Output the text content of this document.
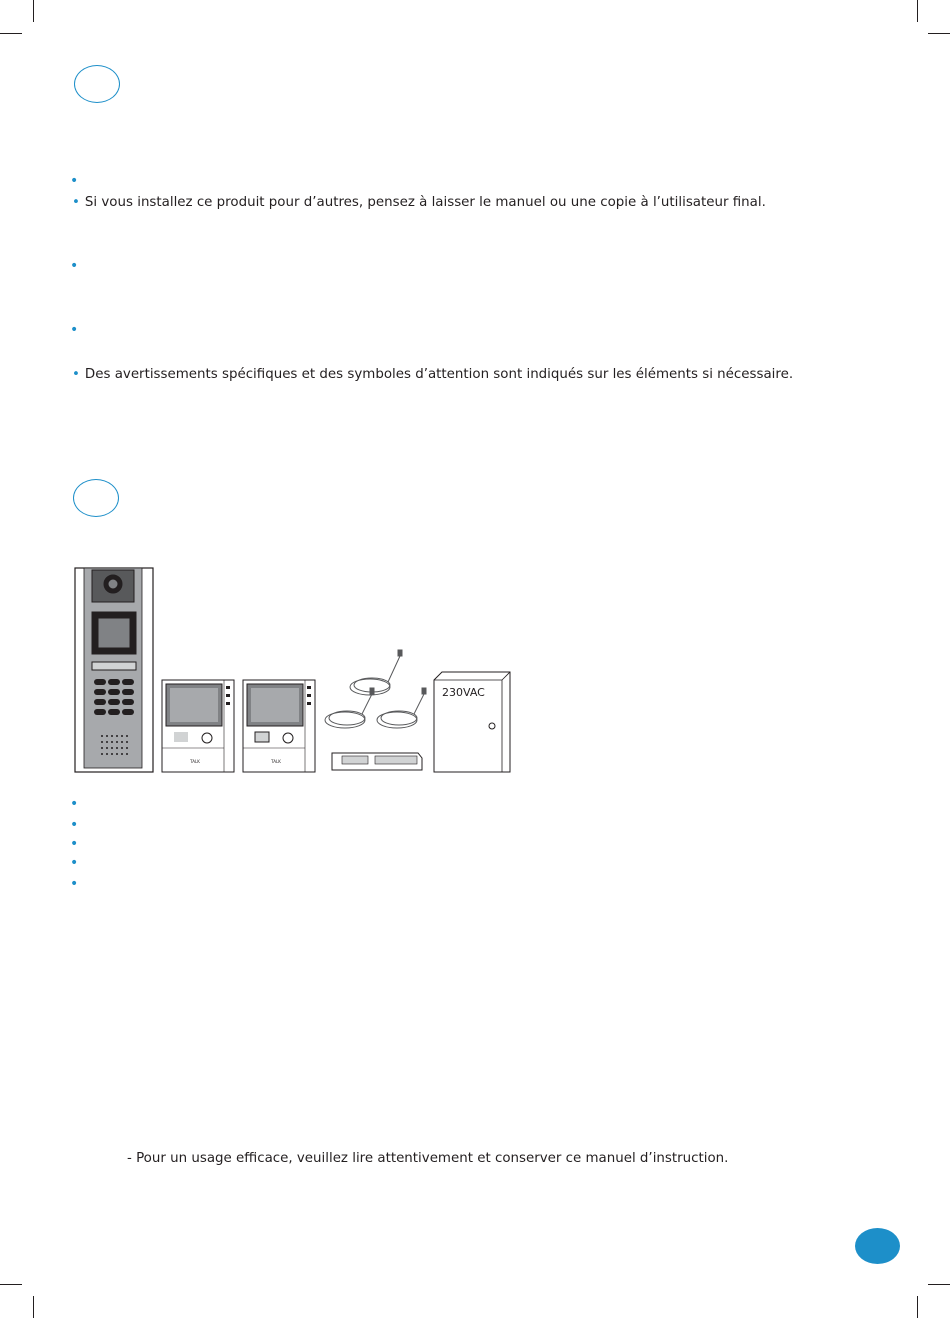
•
• Si vous installez ce produit pour d’autres, pensez à laisser le manuel ou une copie à l’utilisateur final.
•
•
• Des avertissements spécifiques et des symboles d’attention sont indiqués sur les éléments si nécessaire.
TALK	TALK
230VAC
•
•
•
•
•
- Pour un usage efficace, veuillez lire attentivement et conserver ce manuel d’instruction.
